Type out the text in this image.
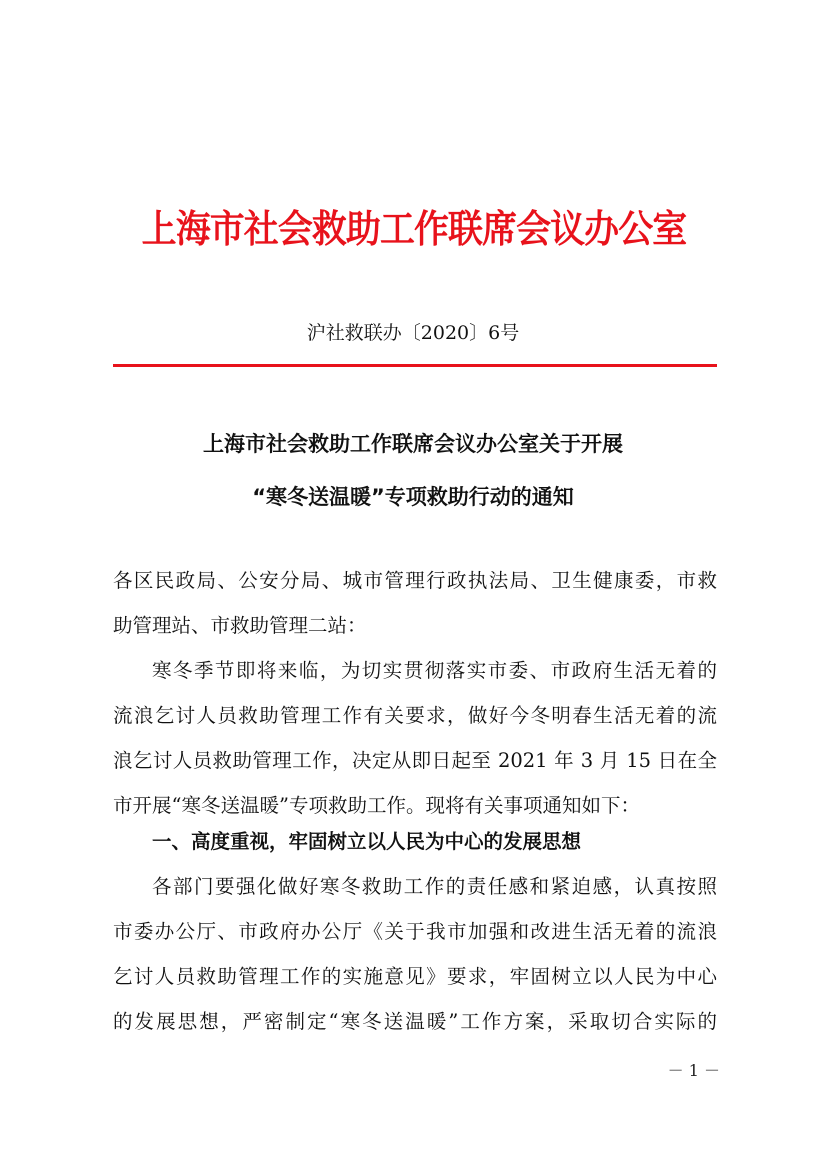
上海市社会救助工作联席会议办公室
沪社救联办〔2020〕6号
上海市社会救助工作联席会议办公室关于开展
“寒冬送温暖”专项救助行动的通知
各区民政局、公安分局、城市管理行政执法局、卫生健康委，市救
助管理站、市救助管理二站：
寒冬季节即将来临，为切实贯彻落实市委、市政府生活无着的
流浪乞讨人员救助管理工作有关要求，做好今冬明春生活无着的流
浪乞讨人员救助管理工作，决定从即日起至 2021 年 3 月 15 日在全
市开展“寒冬送温暖”专项救助工作。现将有关事项通知如下：
一、高度重视，牢固树立以人民为中心的发展思想
各部门要强化做好寒冬救助工作的责任感和紧迫感，认真按照
市委办公厅、市政府办公厅《关于我市加强和改进生活无着的流浪
乞讨人员救助管理工作的实施意见》要求，牢固树立以人民为中心
的发展思想，严密制定“寒冬送温暖”工作方案，采取切合实际的
－ 1 －
